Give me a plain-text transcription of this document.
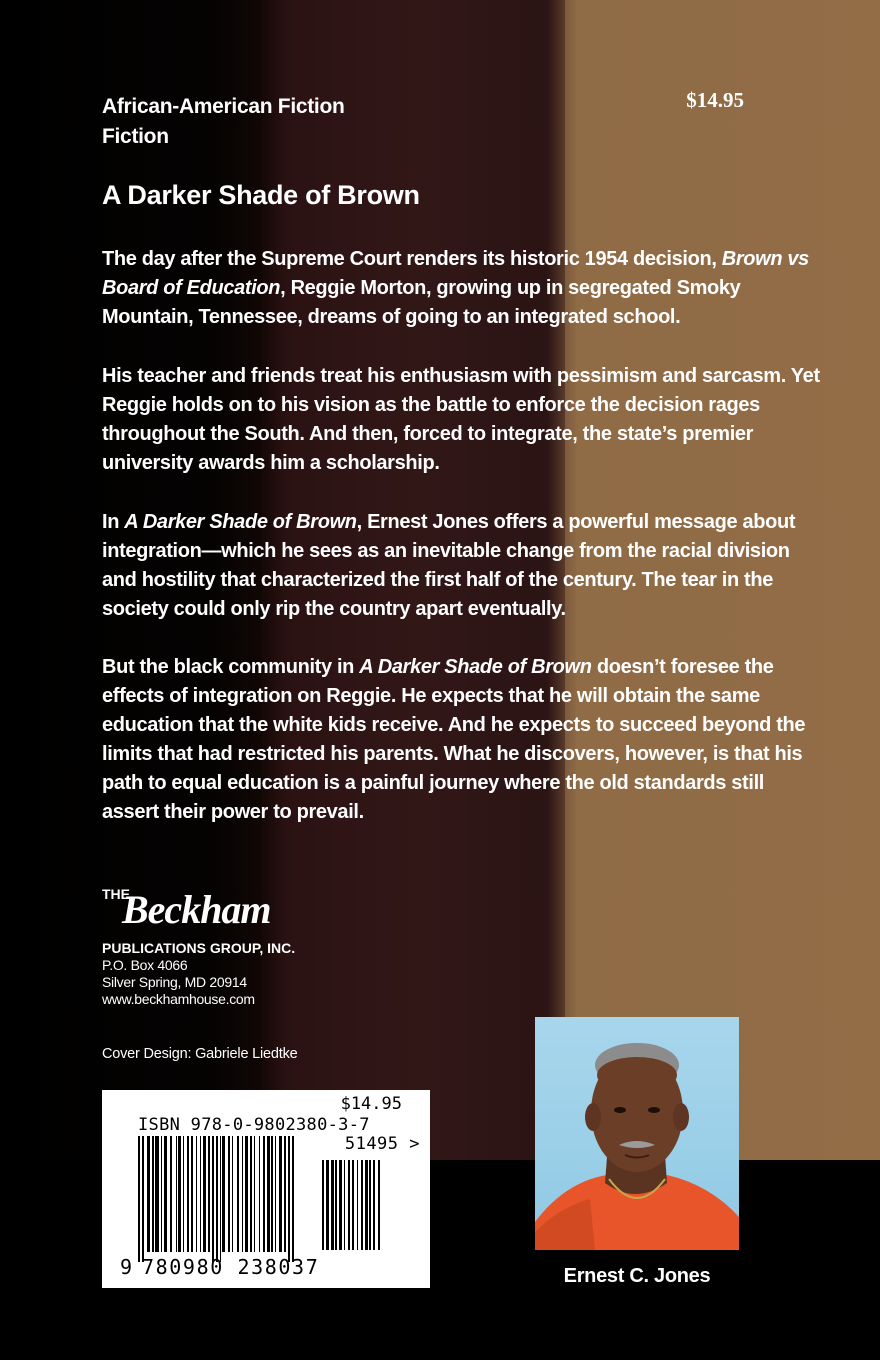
African-American Fiction
Fiction
$14.95
A Darker Shade of Brown

The day after the Supreme Court renders its historic 1954 decision, Brown vs Board of Education, Reggie Morton, growing up in segregated Smoky Mountain, Tennessee, dreams of going to an integrated school.

His teacher and friends treat his enthusiasm with pessimism and sarcasm. Yet Reggie holds on to his vision as the battle to enforce the decision rages throughout the South. And then, forced to integrate, the state’s premier university awards him a scholarship.

In A Darker Shade of Brown, Ernest Jones offers a powerful message about integration—which he sees as an inevitable change from the racial division and hostility that characterized the first half of the century. The tear in the society could only rip the country apart eventually.

But the black community in A Darker Shade of Brown doesn’t foresee the effects of integration on Reggie. He expects that he will obtain the same education that the white kids receive. And he expects to succeed beyond the limits that had restricted his parents. What he discovers, however, is that his path to equal education is a painful journey where the old standards still assert their power to prevail.

THE
Beckham
PUBLICATIONS GROUP, INC.
P.O. Box 4066
Silver Spring, MD 20914
www.beckhamhouse.com
Cover Design: Gabriele Liedtke
$14.95
ISBN 978-0-9802380-3-7
51495 >
9 780980 238037	Ernest C. Jones
